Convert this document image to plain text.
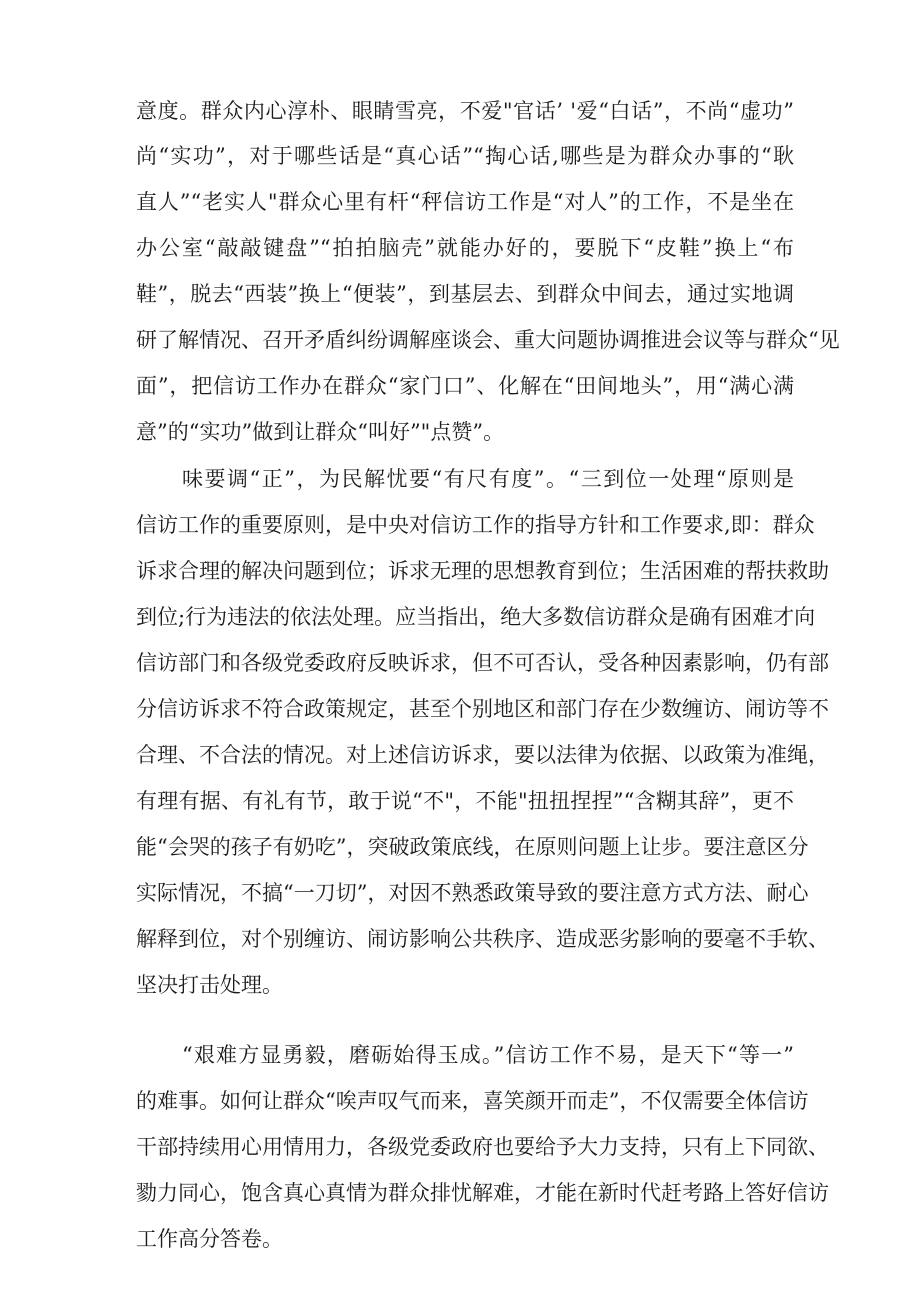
意度。群众内心淳朴、眼睛雪亮，不爱"官话’ '爱“白话”，不尚“虚功”
尚“实功”，对于哪些话是“真心话”“掏心话,哪些是为群众办事的“耿
直人”“老实人"群众心里有杆“秤信访工作是“对人”的工作，不是坐在
办公室“敲敲键盘”“拍拍脑壳”就能办好的，要脱下“皮鞋”换上“布
鞋”，脱去“西装”换上“便装”，到基层去、到群众中间去，通过实地调
研了解情况、召开矛盾纠纷调解座谈会、重大问题协调推进会议等与群众“见
面”，把信访工作办在群众“家门口”、化解在“田间地头”，用“满心满
意”的“实功”做到让群众“叫好”"点赞”。
味要调“正”，为民解忧要“有尺有度”。“三到位一处理“原则是
信访工作的重要原则，是中央对信访工作的指导方针和工作要求,即：群众
诉求合理的解决问题到位；诉求无理的思想教育到位；生活困难的帮扶救助
到位;行为违法的依法处理。应当指出，绝大多数信访群众是确有困难才向
信访部门和各级党委政府反映诉求，但不可否认，受各种因素影响，仍有部
分信访诉求不符合政策规定，甚至个别地区和部门存在少数缠访、闹访等不
合理、不合法的情况。对上述信访诉求，要以法律为依据、以政策为准绳，
有理有据、有礼有节，敢于说“不"，不能"扭扭捏捏”“含糊其辞”，更不
能“会哭的孩子有奶吃”，突破政策底线，在原则问题上让步。要注意区分
实际情况，不搞“一刀切”，对因不熟悉政策导致的要注意方式方法、耐心
解释到位，对个别缠访、闹访影响公共秩序、造成恶劣影响的要毫不手软、
坚决打击处理。
“艰难方显勇毅，磨砺始得玉成。”信访工作不易，是天下“等一”
的难事。如何让群众“唉声叹气而来，喜笑颜开而走”，不仅需要全体信访
干部持续用心用情用力，各级党委政府也要给予大力支持，只有上下同欲、
勠力同心，饱含真心真情为群众排忧解难，才能在新时代赶考路上答好信访
工作高分答卷。
